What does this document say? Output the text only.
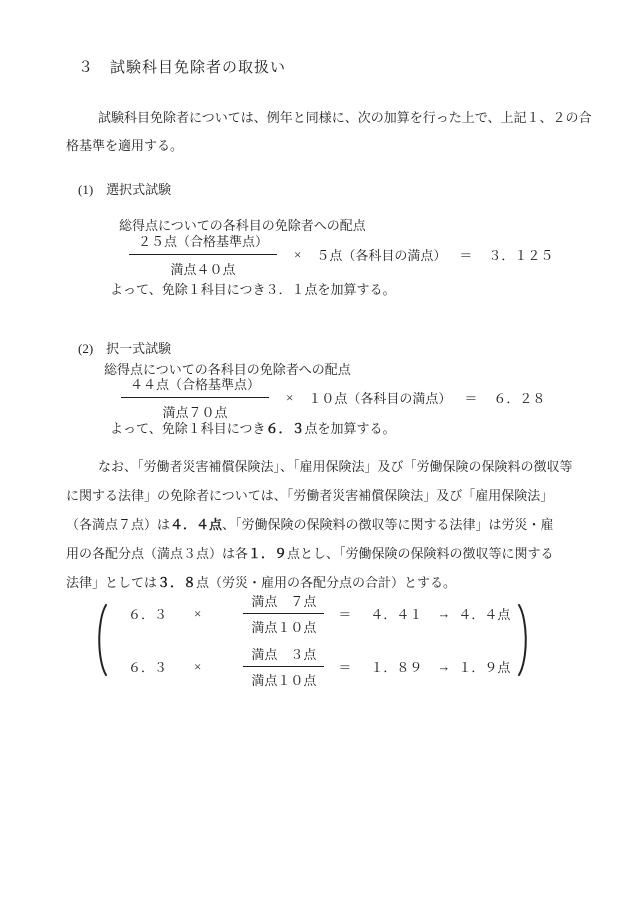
３　試験科目免除者の取扱い
試験科目免除者については、例年と同様に、次の加算を行った上で、上記１、２の合
格基準を適用する。
(1)　選択式試験
総得点についての各科目の免除者への配点
$\frac{\text{２５点（合格基準点）}}{\text{満点４０点}} \times 5$点（各科目の満点） ＝ ３．１２５
よって、免除１科目につき３．１点を加算する。
(2)　択一式試験
総得点についての各科目の免除者への配点
$\frac{\text{４４点（合格基準点）}}{\text{満点７０点}} \times 10$点（各科目の満点） ＝ ６．２８
よって、免除１科目につき６．３点を加算する。
なお、「労働者災害補償保険法」、「雇用保険法」及び「労働保険の保険料の徴収等
に関する法律」の免除者については、「労働者災害補償保険法」及び「雇用保険法」
（各満点７点）は４．４点、「労働保険の保険料の徴収等に関する法律」は労災・雇
用の各配分点（満点３点）は各１．９点とし、「労働保険の保険料の徴収等に関する
法律」としては３．８点（労災・雇用の各配分点の合計）とする。
６．３ ×	$\frac{\text{満点　７点}}{\text{満点１０点}} = 4$．４１ → ４．４点
６．３ ×	$\frac{\text{満点　３点}}{\text{満点１０点}} = 1$．８９ → １．９点
